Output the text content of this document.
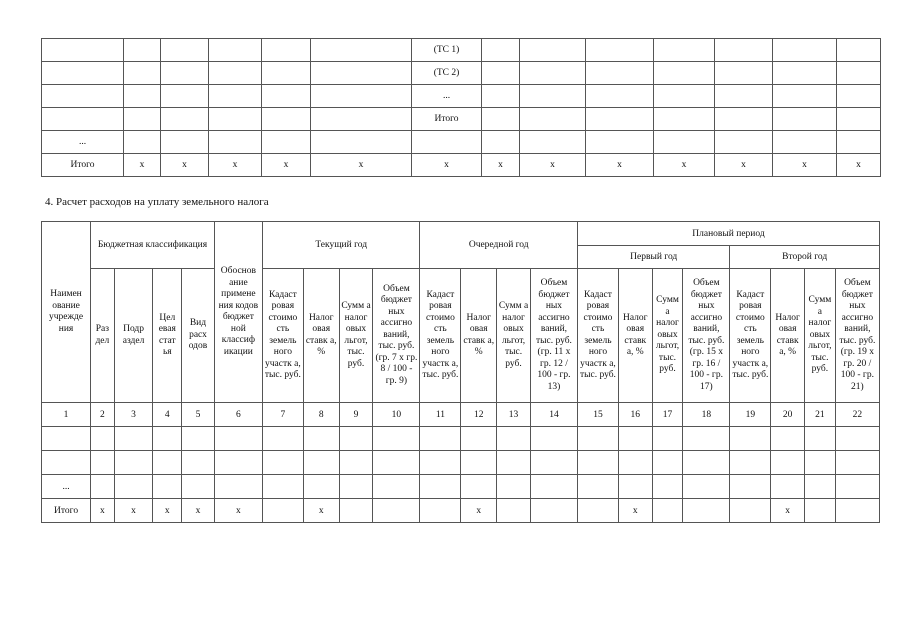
						(ТС 1)							
						(ТС 2)							
						...							
						Итого							
...													
Итого	х	х	х	х	х	х	х	х	х	х	х	х	х
4. Расчет расходов на уплату земельного налога
Наимен ование учрежде ния	Бюджетная классификация				Обоснов ание примене ния кодов бюджет ной классиф икации	Текущий год				Очередной год				Плановый период							
														Первый год				Второй год			
	Раз дел	Подр аздел	Цел евая стат ья	Вид расх одов		Кадаст ровая стоимо сть земель ного участк а, тыс. руб.	Налог овая ставк а, %	Сумм а налог овых льгот, тыс. руб.	Объем бюджет ных ассигно ваний, тыс. руб. (гр. 7 х гр. 8 / 100 - гр. 9)	Кадаст ровая стоимо сть земель ного участк а, тыс. руб.	Налог овая ставк а, %	Сумм а налог овых льгот, тыс. руб.	Объем бюджет ных ассигно ваний, тыс. руб. (гр. 11 х гр. 12 / 100 - гр. 13)	Кадаст ровая стоимо сть земель ного участк а, тыс. руб.	Налог овая ставк а, %	Сумм а налог овых льгот, тыс. руб.	Объем бюджет ных ассигно ваний, тыс. руб. (гр. 15 х гр. 16 / 100 - гр. 17)	Кадаст ровая стоимо сть земель ного участк а, тыс. руб.	Налог овая ставк а, %	Сумм а налог овых льгот, тыс. руб.	Объем бюджет ных ассигно ваний, тыс. руб. (гр. 19 х гр. 20 / 100 - гр. 21)
1	2	3	4	5	6	7	8	9	10	11	12	13	14	15	16	17	18	19	20	21	22

...																					
Итого	х	х	х	х	х		х				х				х				х		
